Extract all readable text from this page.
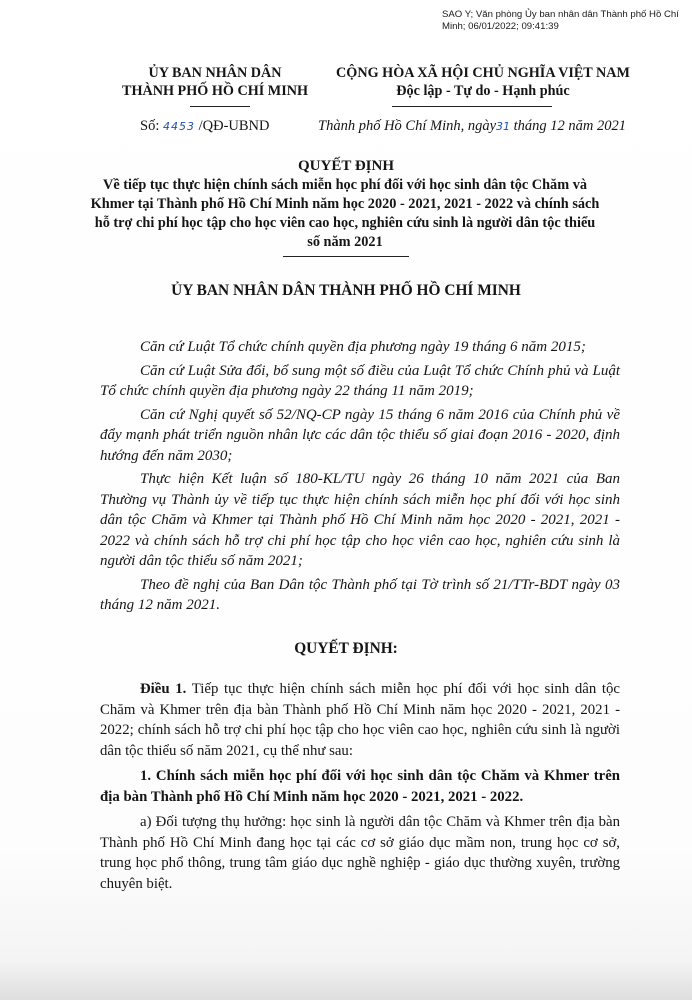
SAO Y; Văn phòng Ủy ban nhân dân Thành phố Hồ Chí Minh; 06/01/2022; 09:41:39
ỦY BAN NHÂN DÂN
THÀNH PHỐ HỒ CHÍ MINH
CỘNG HÒA XÃ HỘI CHỦ NGHĨA VIỆT NAM
Độc lập - Tự do - Hạnh phúc
Số: 4453 /QĐ-UBND	Thành phố Hồ Chí Minh, ngày31 tháng 12 năm 2021
QUYẾT ĐỊNH
Về tiếp tục thực hiện chính sách miễn học phí đối với học sinh dân tộc Chăm và Khmer tại Thành phố Hồ Chí Minh năm học 2020 - 2021, 2021 - 2022 và chính sách hỗ trợ chi phí học tập cho học viên cao học, nghiên cứu sinh là người dân tộc thiểu số năm 2021
ỦY BAN NHÂN DÂN THÀNH PHỐ HỒ CHÍ MINH

Căn cứ Luật Tổ chức chính quyền địa phương ngày 19 tháng 6 năm 2015;

Căn cứ Luật Sửa đổi, bổ sung một số điều của Luật Tổ chức Chính phủ và Luật Tổ chức chính quyền địa phương ngày 22 tháng 11 năm 2019;

Căn cứ Nghị quyết số 52/NQ-CP ngày 15 tháng 6 năm 2016 của Chính phủ về đẩy mạnh phát triển nguồn nhân lực các dân tộc thiểu số giai đoạn 2016 - 2020, định hướng đến năm 2030;

Thực hiện Kết luận số 180-KL/TU ngày 26 tháng 10 năm 2021 của Ban Thường vụ Thành ủy về tiếp tục thực hiện chính sách miễn học phí đối với học sinh dân tộc Chăm và Khmer tại Thành phố Hồ Chí Minh năm học 2020 - 2021, 2021 - 2022 và chính sách hỗ trợ chi phí học tập cho học viên cao học, nghiên cứu sinh là người dân tộc thiểu số năm 2021;

Theo đề nghị của Ban Dân tộc Thành phố tại Tờ trình số 21/TTr-BDT ngày 03 tháng 12 năm 2021.

QUYẾT ĐỊNH:

Điều 1. Tiếp tục thực hiện chính sách miễn học phí đối với học sinh dân tộc Chăm và Khmer trên địa bàn Thành phố Hồ Chí Minh năm học 2020 - 2021, 2021 - 2022; chính sách hỗ trợ chi phí học tập cho học viên cao học, nghiên cứu sinh là người dân tộc thiểu số năm 2021, cụ thể như sau:

1. Chính sách miễn học phí đối với học sinh dân tộc Chăm và Khmer trên địa bàn Thành phố Hồ Chí Minh năm học 2020 - 2021, 2021 - 2022.

a) Đối tượng thụ hưởng: học sinh là người dân tộc Chăm và Khmer trên địa bàn Thành phố Hồ Chí Minh đang học tại các cơ sở giáo dục mầm non, trung học cơ sở, trung học phổ thông, trung tâm giáo dục nghề nghiệp - giáo dục thường xuyên, trường chuyên biệt.
